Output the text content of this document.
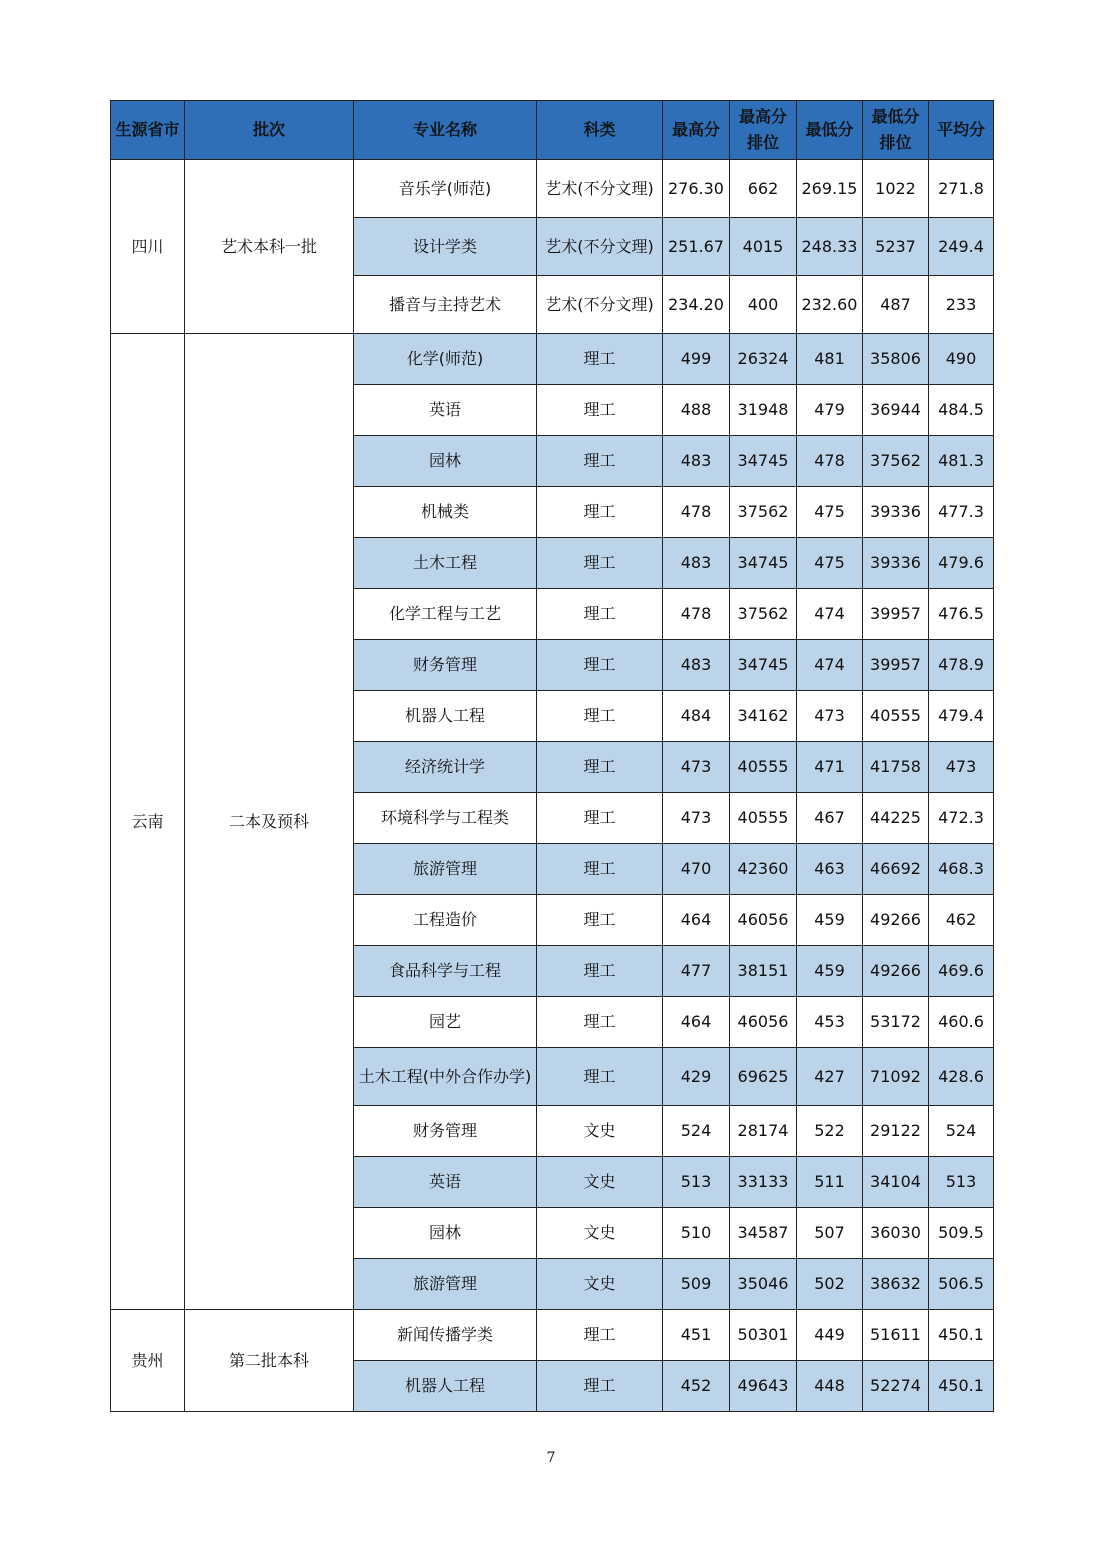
生源省市	批次	专业名称	科类	最高分	最高分排位	最低分	最低分排位	平均分
四川	艺术本科一批	音乐学(师范)	艺术(不分文理)	276.30	662	269.15	1022	271.8
		设计学类	艺术(不分文理)	251.67	4015	248.33	5237	249.4
		播音与主持艺术	艺术(不分文理)	234.20	400	232.60	487	233
云南	二本及预科	化学(师范)	理工	499	26324	481	35806	490
		英语	理工	488	31948	479	36944	484.5
		园林	理工	483	34745	478	37562	481.3
		机械类	理工	478	37562	475	39336	477.3
		土木工程	理工	483	34745	475	39336	479.6
		化学工程与工艺	理工	478	37562	474	39957	476.5
		财务管理	理工	483	34745	474	39957	478.9
		机器人工程	理工	484	34162	473	40555	479.4
		经济统计学	理工	473	40555	471	41758	473
		环境科学与工程类	理工	473	40555	467	44225	472.3
		旅游管理	理工	470	42360	463	46692	468.3
		工程造价	理工	464	46056	459	49266	462
		食品科学与工程	理工	477	38151	459	49266	469.6
		园艺	理工	464	46056	453	53172	460.6
		土木工程(中外合作办学)	理工	429	69625	427	71092	428.6
		财务管理	文史	524	28174	522	29122	524
		英语	文史	513	33133	511	34104	513
		园林	文史	510	34587	507	36030	509.5
		旅游管理	文史	509	35046	502	38632	506.5
贵州	第二批本科	新闻传播学类	理工	451	50301	449	51611	450.1
		机器人工程	理工	452	49643	448	52274	450.1
7
